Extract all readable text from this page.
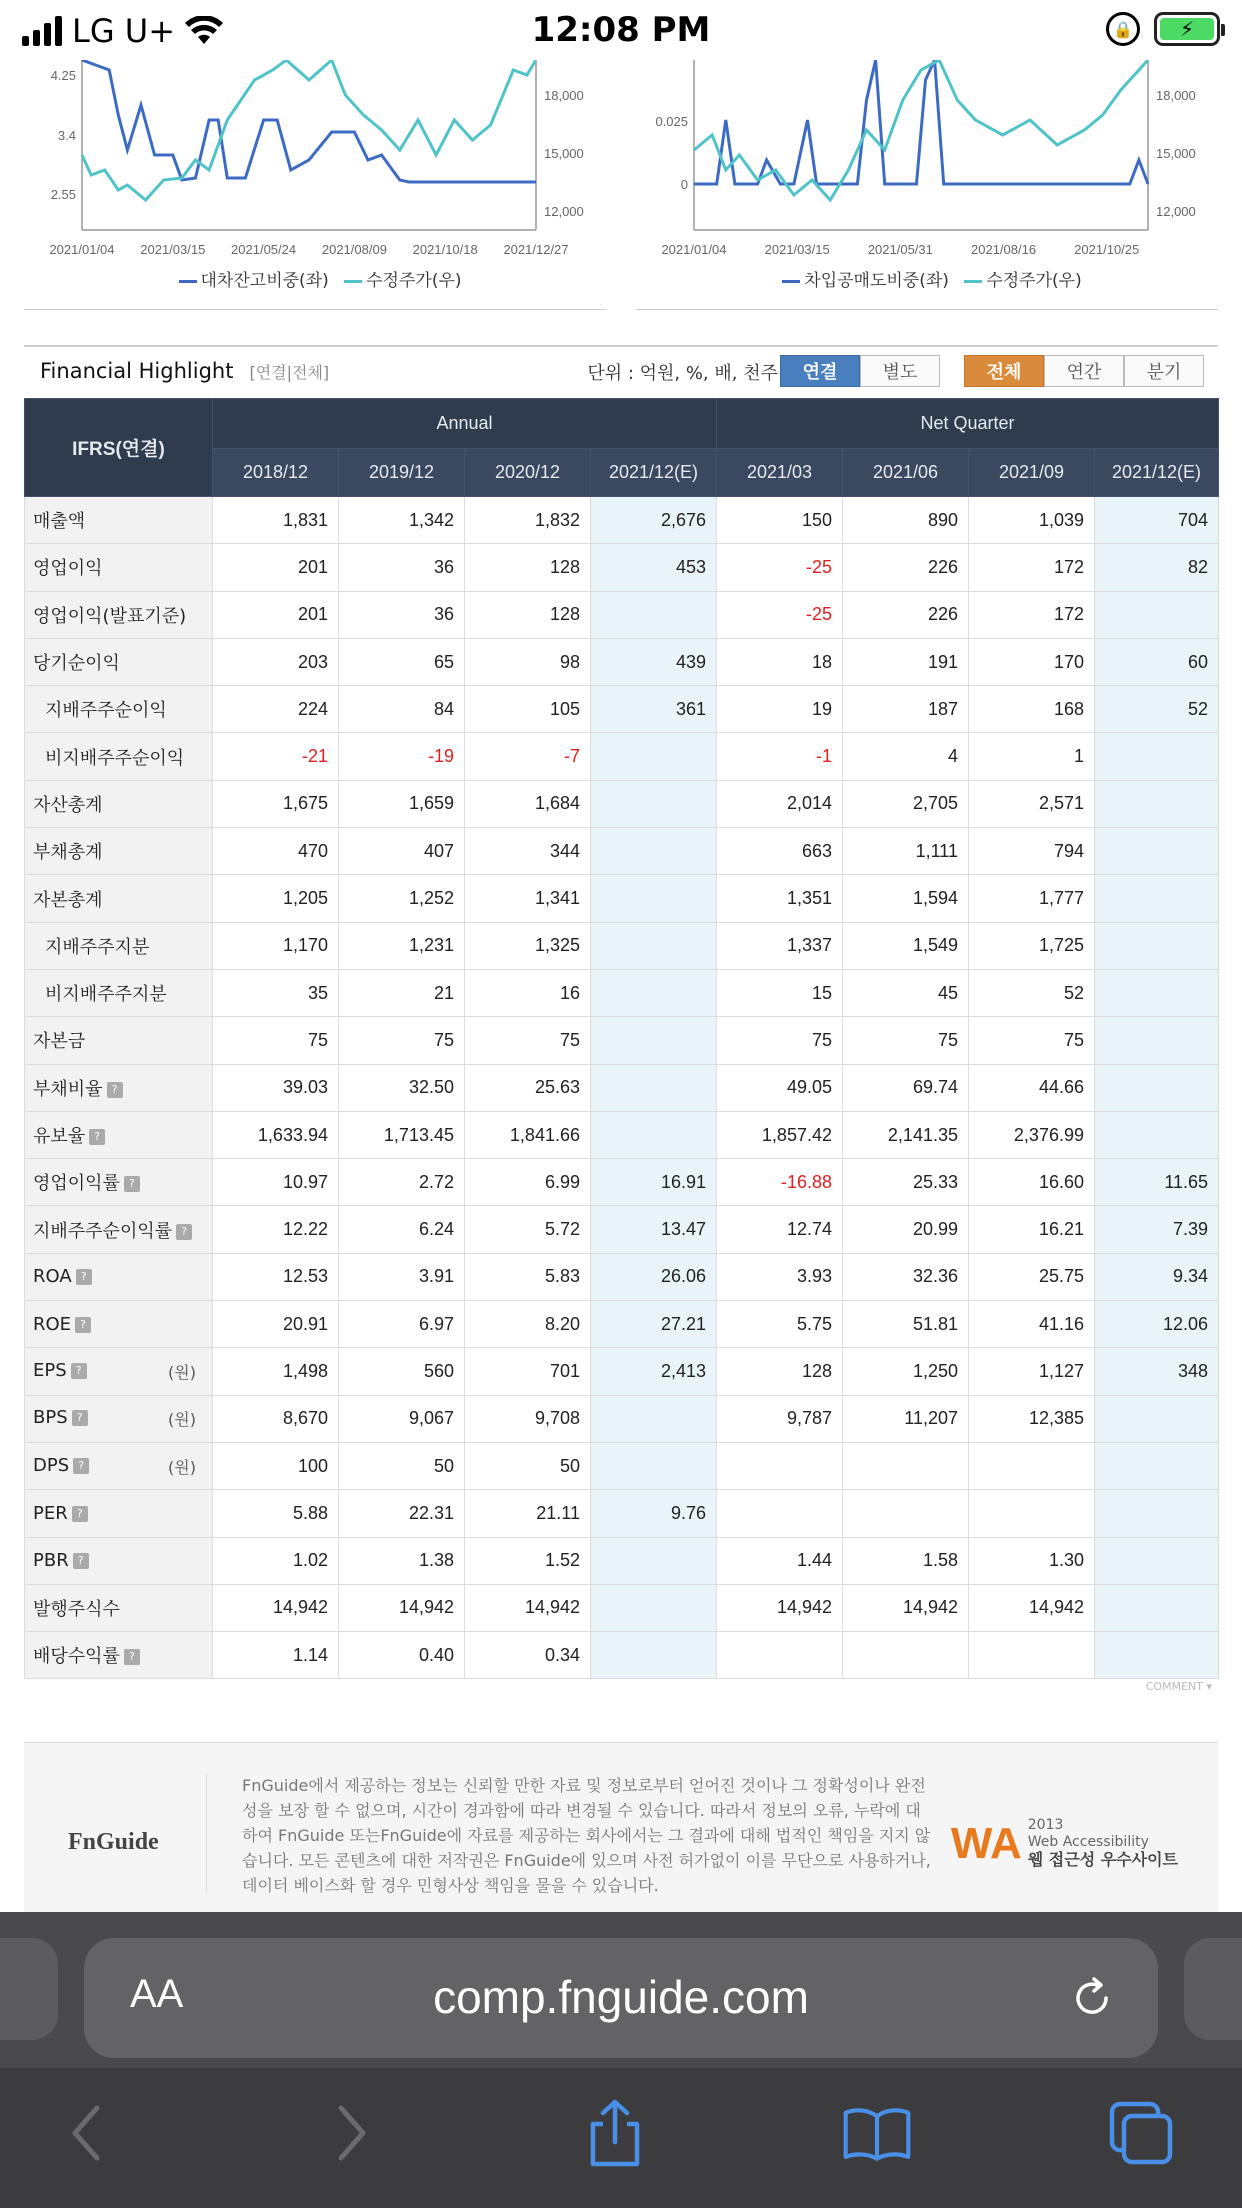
LG U+	12:08 PM	🔒	⚡
4.25
3.4
2.55
18,000
15,000
12,000
2021/01/04 2021/03/15 2021/05/24 2021/08/09 2021/10/18 2021/12/27
대차잔고비중(좌) 수정주가(우)
0.025
0
18,000
15,000
12,000
2021/01/04	2021/03/15	2021/05/31	2021/08/16	2021/10/25
차입공매도비중(좌) 수정주가(우)
Financial Highlight [연결|전체]	단위 : 억원, %, 배, 천주	연결	별도	전체	연간	분기
IFRS(연결)	Annual				Net Quarter			
	2018/12	2019/12	2020/12	2021/12(E)	2021/03	2021/06	2021/09	2021/12(E)
매출액	1,831	1,342	1,832	2,676	150	890	1,039	704
영업이익	201	36	128	453	-25	226	172	82
영업이익(발표기준)	201	36	128		-25	226	172	
당기순이익	203	65	98	439	18	191	170	60
지배주주순이익	224	84	105	361	19	187	168	52
비지배주주순이익	-21	-19	-7		-1	4	1	
자산총계	1,675	1,659	1,684		2,014	2,705	2,571	
부채총계	470	407	344		663	1,111	794	
자본총계	1,205	1,252	1,341		1,351	1,594	1,777	
지배주주지분	1,170	1,231	1,325		1,337	1,549	1,725	
비지배주주지분	35	21	16		15	45	52	
자본금	75	75	75		75	75	75	
부채비율 ?	39.03	32.50	25.63		49.05	69.74	44.66	
유보율 ?	1,633.94	1,713.45	1,841.66		1,857.42	2,141.35	2,376.99	
영업이익률 ?	10.97	2.72	6.99	16.91	-16.88	25.33	16.60	11.65
지배주주순이익률 ?	12.22	6.24	5.72	13.47	12.74	20.99	16.21	7.39
ROA ?	12.53	3.91	5.83	26.06	3.93	32.36	25.75	9.34
ROE ?	20.91	6.97	8.20	27.21	5.75	51.81	41.16	12.06
EPS ? (원)	1,498	560	701	2,413	128	1,250	1,127	348
BPS ? (원)	8,670	9,067	9,708		9,787	11,207	12,385	
DPS ? (원)	100	50	50					
PER ?	5.88	22.31	21.11	9.76				
PBR ?	1.02	1.38	1.52		1.44	1.58	1.30	
발행주식수	14,942	14,942	14,942		14,942	14,942	14,942	
배당수익률 ?	1.14	0.40	0.34					
COMMENT ▾
FnGuide
FnGuide에서 제공하는 정보는 신뢰할 만한 자료 및 정보로부터 얻어진 것이나 그 정확성이나 완전성을 보장 할 수 없으며, 시간이 경과함에 따라 변경될 수 있습니다. 따라서 정보의 오류, 누락에 대하여 FnGuide 또는FnGuide에 자료를 제공하는 회사에서는 그 결과에 대해 법적인 책임을 지지 않습니다. 모든 콘텐츠에 대한 저작권은 FnGuide에 있으며 사전 허가없이 이를 무단으로 사용하거나, 데이터 베이스화 할 경우 민형사상 책임을 물을 수 있습니다.
WA 2013
Web Accessibility
웹 접근성 우수사이트
AA	comp.fnguide.com
